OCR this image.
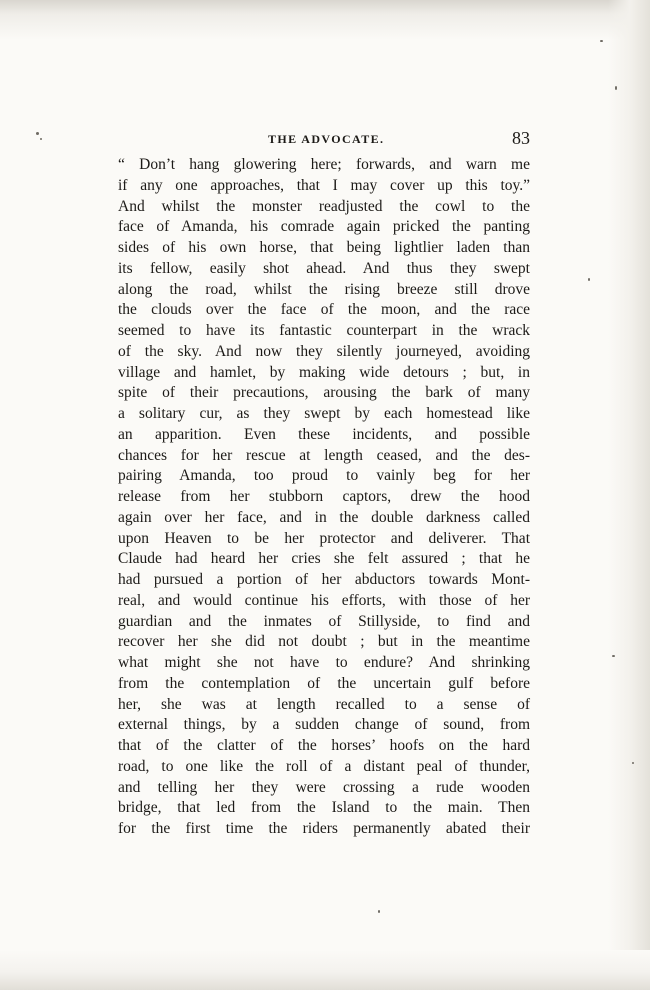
THE ADVOCATE.	83
“ Don’t hang glowering here; forwards, and warn me
if any one approaches, that I may cover up this toy.”
And whilst the monster readjusted the cowl to the
face of Amanda, his comrade again pricked the panting
sides of his own horse, that being lightlier laden than
its fellow, easily shot ahead. And thus they swept
along the road, whilst the rising breeze still drove
the clouds over the face of the moon, and the race
seemed to have its fantastic counterpart in the wrack
of the sky. And now they silently journeyed, avoiding
village and hamlet, by making wide detours ; but, in
spite of their precautions, arousing the bark of many
a solitary cur, as they swept by each homestead like
an apparition. Even these incidents, and possible
chances for her rescue at length ceased, and the des-
pairing Amanda, too proud to vainly beg for her
release from her stubborn captors, drew the hood
again over her face, and in the double darkness called
upon Heaven to be her protector and deliverer. That
Claude had heard her cries she felt assured ; that he
had pursued a portion of her abductors towards Mont-
real, and would continue his efforts, with those of her
guardian and the inmates of Stillyside, to find and
recover her she did not doubt ; but in the meantime
what might she not have to endure? And shrinking
from the contemplation of the uncertain gulf before
her, she was at length recalled to a sense of
external things, by a sudden change of sound, from
that of the clatter of the horses’ hoofs on the hard
road, to one like the roll of a distant peal of thunder,
and telling her they were crossing a rude wooden
bridge, that led from the Island to the main. Then
for the first time the riders permanently abated their
